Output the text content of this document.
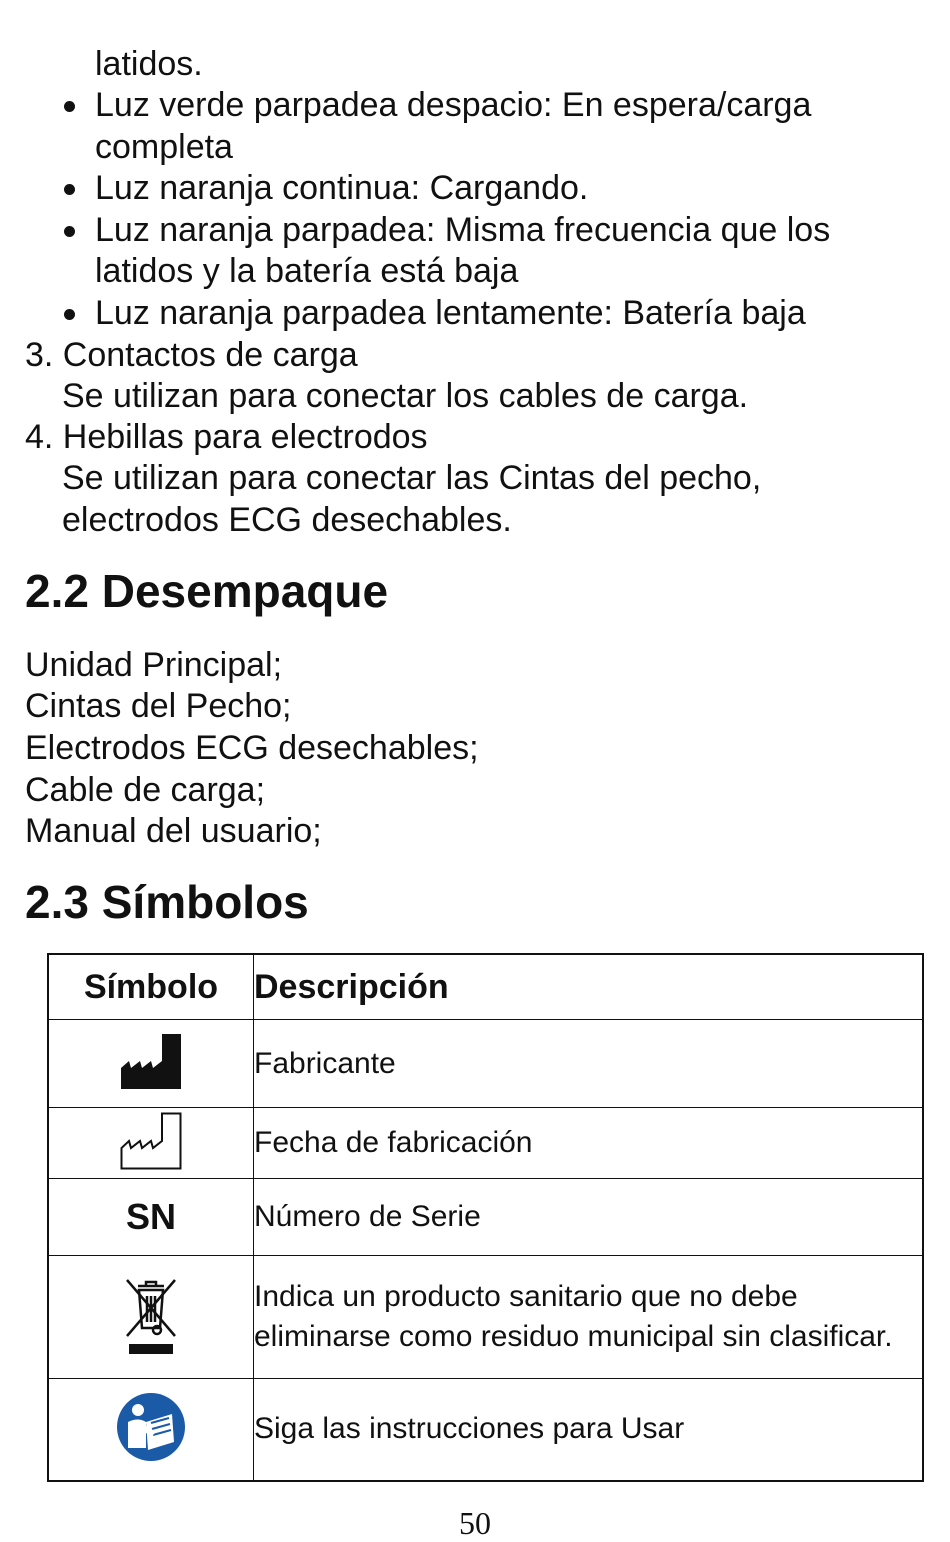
latidos.
Luz verde parpadea despacio: En espera/carga
completa
Luz naranja continua: Cargando.
Luz naranja parpadea: Misma frecuencia que los
latidos y la batería está baja
Luz naranja parpadea lentamente: Batería baja
3. Contactos de carga
Se utilizan para conectar los cables de carga.
4. Hebillas para electrodos
Se utilizan para conectar las Cintas del pecho,
electrodos ECG desechables.
2.2 Desempaque
Unidad Principal;
Cintas del Pecho;
Electrodos ECG desechables;
Cable de carga;
Manual del usuario;
2.3 Símbolos
Símbolo	Descripción
	Fabricante
	Fecha de fabricación
SN	Número de Serie
	Indica un producto sanitario que no debe eliminarse como residuo municipal sin clasificar.
	Siga las instrucciones para Usar
50
